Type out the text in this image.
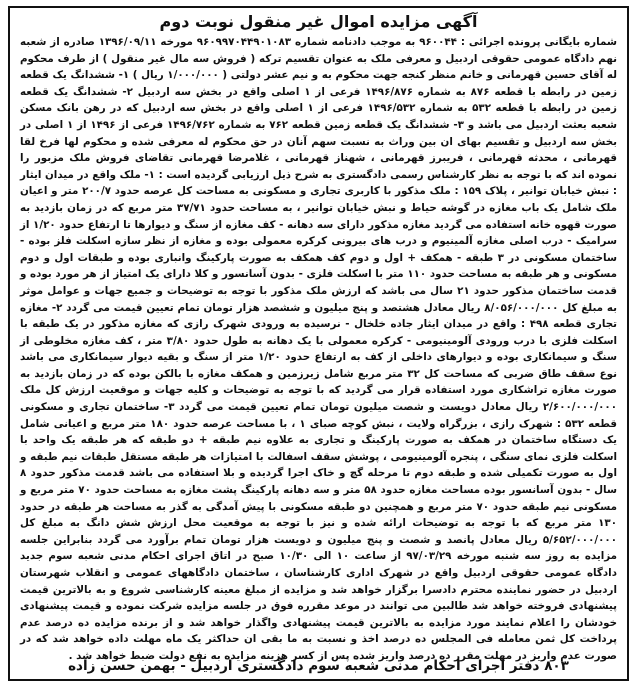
آگهی مزایده اموال غیر منقول نوبت دوم

شماره بایگانی پرونده اجرائی : ۹۶۰۰۴۴ به موجب دادنامه شماره ۹۶۰۹۹۷۰۴۴۹۰۱۰۸۳ مورخه ۱۳۹۶/۰۹/۱۱ صادره از شعبه نهم دادگاه عمومی حقوقی اردبیل و معرفی ملک به عنوان تقسیم ترکه ( فروش سه مال غیر منقول ) از طرف محکوم له آقای حسین قهرمانی و خانم منظر کنجه جهت محکوم به و نیم عشر دولتی ( ۱/۰۰۰/۰۰۰ ریال ) ۱- ششدانگ یک قطعه زمین در رابطه با قطعه ۸۷۶ به شماره ۱۴۹۶/۸۷۶ فرعی از ۱ اصلی واقع در بخش سه اردبیل ۲- ششدانگ یک قطعه زمین در رابطه با قطعه ۵۳۲ به شماره ۱۴۹۶/۵۳۲ فرعی از ۱ اصلی واقع در بخش سه اردبیل که در رهن بانک مسکن شعبه بعثت اردبیل می باشد و ۳- ششدانگ یک قطعه زمین قطعه ۷۶۲ به شماره ۱۴۹۶/۷۶۲ فرعی از ۱۴۹۶ از ۱ اصلی در بخش سه اردبیل و تقسیم بهای ان بین وراث به نسبت سهم آنان در حق محکوم له معرفی شده و محکوم لها فرخ لقا قهرمانی ، محدثه قهرمانی ، فریبرز قهرمانی ، شهناز قهرمانی ، غلامرضا قهرمانی تقاضای فروش ملک مزبور را نموده اند که با توجه به نظر کارشناس رسمی دادگستری به شرح ذیل ارزیابی گردیده است : ۱- ملک واقع در میدان ایثار : نبش خیابان توانیر ، پلاک ۱۵۹ : ملک مذکور با کاربری تجاری و مسکونی به مساحت کل عرصه حدود ۲۰۰/۷ متر و اعیان ملک شامل یک باب مغازه در گوشه حیاط و نبش خیابان توانیر ، به مساحت حدود ۳۷/۷۱ متر مربع که در زمان بازدید به صورت قهوه خانه استفاده می گردید مغازه مذکور دارای سه دهانه - کف مغازه از سنگ و دیوارها تا ارتفاع حدود ۱/۲۰ از سرامیک - درب اصلی مغازه آلمینیوم و درب های بیرونی کرکره معمولی بوده و مغازه از نظر سازه اسکلت فلز بوده - ساختمان مسکونی در ۳ طبقه - همکف + اول و دوم کف همکف به صورت پارکینگ وانباری بوده و طبقات اول و دوم مسکونی و هر طبقه به مساحت حدود ۱۱۰ متر با اسکلت فلزی - بدون آسانسور و کلا دارای یک امتیاز از هر مورد بوده و قدمت ساختمان مذکور حدود ۲۱ سال می باشد که ارزش ملک مذکور با توجه به توضیحات و جمیع جهات و عوامل موثر به مبلغ کل ۸/۰۵۶/۰۰۰/۰۰۰ ریال معادل هشتصد و پنج میلیون و ششصد هزار تومان تمام تعیین قیمت می گردد ۲- مغازه تجاری قطعه ۴۹۸ : واقع در میدان ایثار جاده خلخال - نرسیده به ورودی شهرک رازی که مغازه مذکور در یک طبقه با اسکلت فلزی با درب ورودی آلومینیومی - کرکره معمولی با یک دهانه به طول حدود ۳/۸۰ متر ، کف مغازه مخلوطی از سنگ و سیمانکاری بوده و دیوارهای داخلی از کف به ارتفاع حدود ۱/۲۰ متر از سنگ و بقیه دیوار سیمانکاری می باشد نوع سقف طاق ضربی که مساحت کل ۳۲ متر مربع شامل زیرزمین و همکف مغازه با بالکن بوده که در زمان بازدید به صورت مغازه تراشکاری مورد استفاده قرار می گردید که با توجه به توضیحات و کلیه جهات و موقعیت ارزش کل ملک ۲/۶۰۰/۰۰۰/۰۰۰ ریال معادل دویست و شصت میلیون تومان تمام تعیین قیمت می گردد ۳- ساختمان تجاری و مسکونی قطعه ۵۳۲ : شهرک رازی ، بزرگراه ولایت ، نبش کوچه صبای ۱ ، با مساحت عرصه حدود ۱۸۰ متر مربع و اعیانی شامل یک دستگاه ساختمان در همکف به صورت پارکینگ و تجاری به علاوه نیم طبقه + دو طبقه که هر طبقه یک واحد با اسکلت فلزی نمای سنگی ، پنجره آلومینیومی ، پوشش سقف اسفالت با امتیازات هر طبقه مستقل طبقات نیم طبقه و اول به صورت تکمیلی شده و طبقه دوم تا مرحله گچ و خاک اجرا گردیده و بلا استفاده می باشد قدمت مذکور حدود ۸ سال - بدون آسانسور بوده مساحت مغازه حدود ۵۸ متر و سه دهانه پارکینگ پشت مغازه به مساحت حدود ۷۰ متر مربع و مسکونی نیم طبقه حدود ۷۰ متر مربع و همچنین دو طبقه مسکونی با پیش آمدگی به گذر به مساحت هر طبقه در حدود ۱۳۰ متر مربع که با توجه به توضیحات ارائه شده و نیز با توجه به موقعیت محل ارزش شش دانگ به مبلغ کل ۵/۶۵۲/۰۰۰/۰۰۰ ریال معادل پانصد و شصت و پنج میلیون و دویست هزار تومان تمام برآورد می گردد بنابراین جلسه مزایده به روز سه شنبه مورخه ۹۷/۰۳/۲۹ از ساعت ۱۰ الی ۱۰/۳۰ صبح در اتاق اجرای احکام مدنی شعبه سوم جدید دادگاه عمومی حقوقی اردبیل واقع در شهرک اداری کارشناسان ، ساختمان دادگاههای عمومی و انقلاب شهرستان اردبیل در حضور نماینده محترم دادسرا برگزار خواهد شد و مزایده از مبلغ معینه کارشناسی شروع و به بالاترین قیمت پیشنهادی فروخته خواهد شد طالبین می توانند در موعد مقرره فوق در جلسه مزایده شرکت نموده و قیمت پیشنهادی خودشان را اعلام نمایند مورد مزایده به بالاترین قیمت پیشنهادی واگذار خواهد شد و از برنده مزایده ده درصد عدم پرداخت کل ثمن معامله فی المجلس ده درصد اخذ و نسبت به ما بقی ان حداکثر یک ماه مهلت داده خواهد شد که در صورت عدم واریز در مهلت مقرر ده درصد واریز شده پس از کسر هزینه مزایده به نفع دولت ضبط خواهد شد .

۸۰۳ دفتر اجرای احکام مدنی شعبه سوم دادگستری اردبیل - بهمن حسن زاده
